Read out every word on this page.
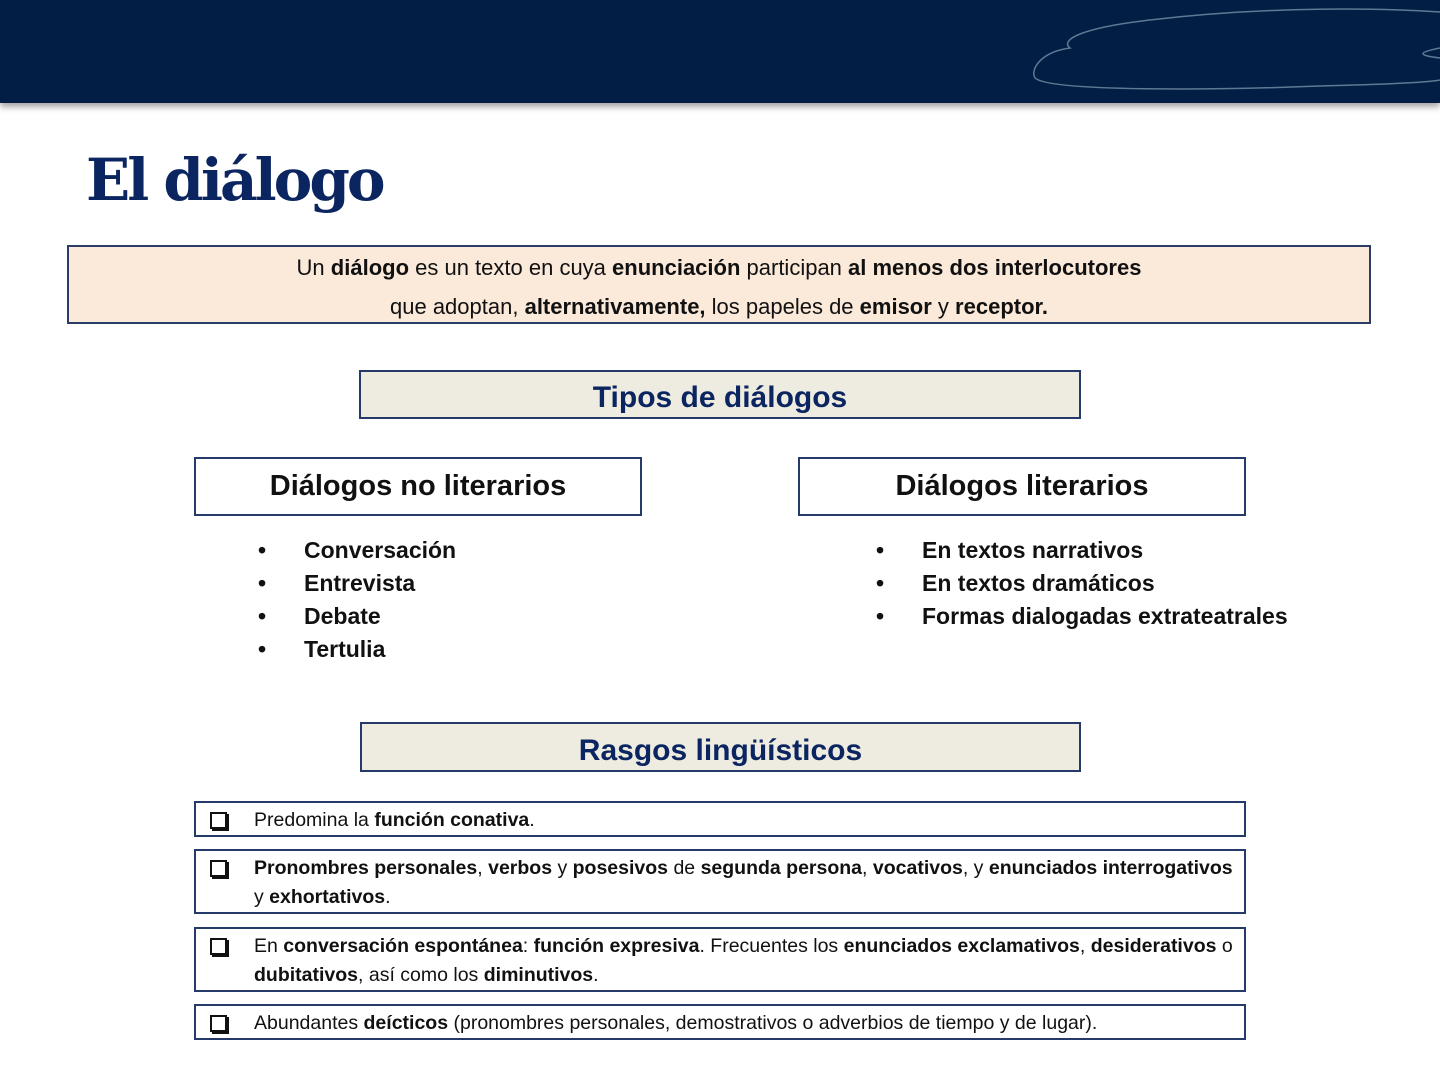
El diálogo
Un diálogo es un texto en cuya enunciación participan al menos dos interlocutores
que adoptan, alternativamente, los papeles de emisor y receptor.
Tipos de diálogos
Diálogos no literarios	Diálogos literarios
• Conversación
• Entrevista
• Debate
• Tertulia
• En textos narrativos
• En textos dramáticos
• Formas dialogadas extrateatrales
Rasgos lingüísticos
Predomina la función conativa.
Pronombres personales, verbos y posesivos de segunda persona, vocativos, y enunciados interrogativos y exhortativos.
En conversación espontánea: función expresiva. Frecuentes los enunciados exclamativos, desiderativos o dubitativos, así como los diminutivos.
Abundantes deícticos (pronombres personales, demostrativos o adverbios de tiempo y de lugar).
